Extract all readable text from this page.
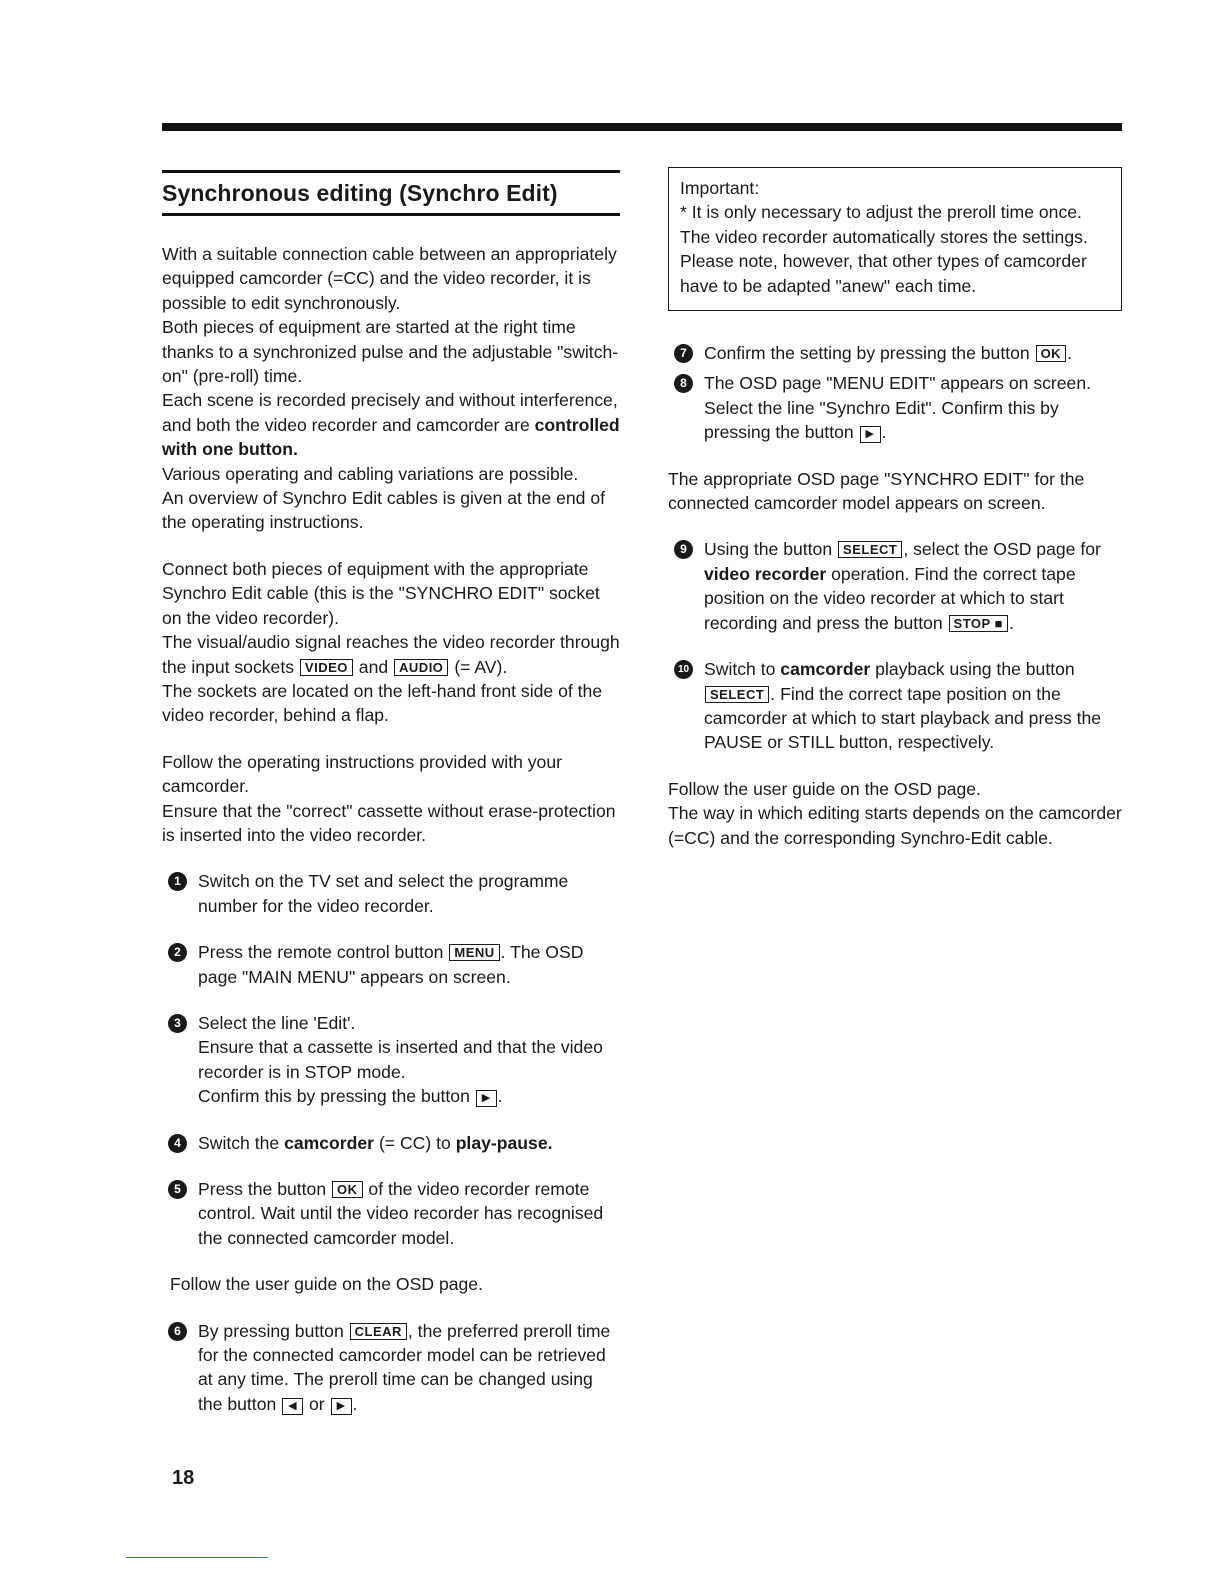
Synchronous editing (Synchro Edit)

With a suitable connection cable between an appropriately equipped camcorder (=CC) and the video recorder, it is possible to edit synchronously.

Both pieces of equipment are started at the right time thanks to a synchronized pulse and the adjustable "switch-on" (pre-roll) time.

Each scene is recorded precisely and without interference, and both the video recorder and camcorder are controlled with one button.

Various operating and cabling variations are possible.

An overview of Synchro Edit cables is given at the end of the operating instructions.

Connect both pieces of equipment with the appropriate Synchro Edit cable (this is the "SYNCHRO EDIT" socket on the video recorder).

The visual/audio signal reaches the video recorder through the input sockets VIDEO and AUDIO (= AV).

The sockets are located on the left-hand front side of the video recorder, behind a flap.

Follow the operating instructions provided with your camcorder.

Ensure that the "correct" cassette without erase-protection is inserted into the video recorder.

1 Switch on the TV set and select the programme number for the video recorder.
2 Press the remote control button MENU . The OSD page "MAIN MENU" appears on screen.
3 Select the line 'Edit'.
Ensure that a cassette is inserted and that the video recorder is in STOP mode.
Confirm this by pressing the button ▶ .
4 Switch the camcorder (= CC) to play-pause.
5 Press the button OK of the video recorder remote control. Wait until the video recorder has recognised the connected camcorder model.

Follow the user guide on the OSD page.

6 By pressing button CLEAR , the preferred preroll time for the connected camcorder model can be retrieved at any time. The preroll time can be changed using the button ◀ or ▶ .

Important:

* It is only necessary to adjust the preroll time once. The video recorder automatically stores the settings. Please note, however, that other types of camcorder have to be adapted "anew" each time.

7 Confirm the setting by pressing the button OK .
8 The OSD page "MENU EDIT" appears on screen. Select the line "Synchro Edit". Confirm this by pressing the button ▶ .

The appropriate OSD page "SYNCHRO EDIT" for the connected camcorder model appears on screen.

9 Using the button SELECT , select the OSD page for video recorder operation. Find the correct tape position on the video recorder at which to start recording and press the button STOP ■ .
10 Switch to camcorder playback using the button SELECT . Find the correct tape position on the camcorder at which to start playback and press the PAUSE or STILL button, respectively.

Follow the user guide on the OSD page.

The way in which editing starts depends on the camcorder (=CC) and the corresponding Synchro-Edit cable.

18
